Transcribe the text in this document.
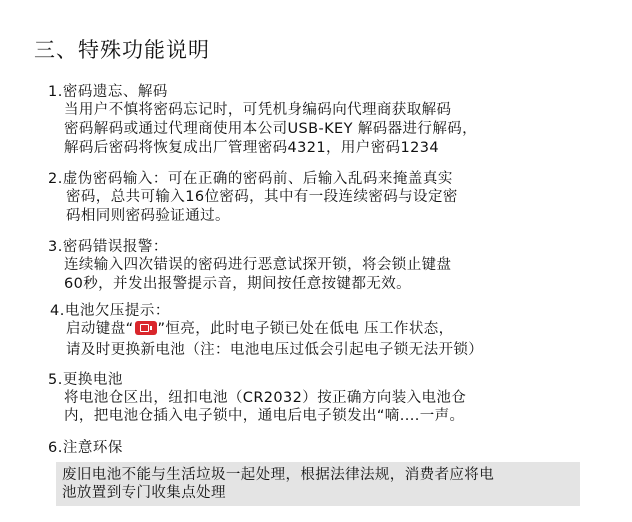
三、特殊功能说明
1.密码遗忘、解码
当用户不慎将密码忘记时，可凭机身编码向代理商获取解码
密码解码或通过代理商使用本公司USB-KEY 解码器进行解码，
解码后密码将恢复成出厂管理密码4321，用户密码1234
2.虚伪密码输入：可在正确的密码前、后输入乱码来掩盖真实
密码，总共可输入16位密码，其中有一段连续密码与设定密
码相同则密码验证通过。
3.密码错误报警：
连续输入四次错误的密码进行恶意试探开锁，将会锁止键盘
60秒，并发出报警提示音，期间按任意按键都无效。
4.电池欠压提示：
启动键盘“ ”恒亮，此时电子锁已处在低电 压工作状态，
请及时更换新电池（注：电池电压过低会引起电子锁无法开锁）
5.更换电池
将电池仓区出，纽扣电池（CR2032）按正确方向装入电池仓
内，把电池仓插入电子锁中，通电后电子锁发出“嘀....一声。
6.注意环保
废旧电池不能与生活垃圾一起处理，根据法律法规，消费者应将电
池放置到专门收集点处理
